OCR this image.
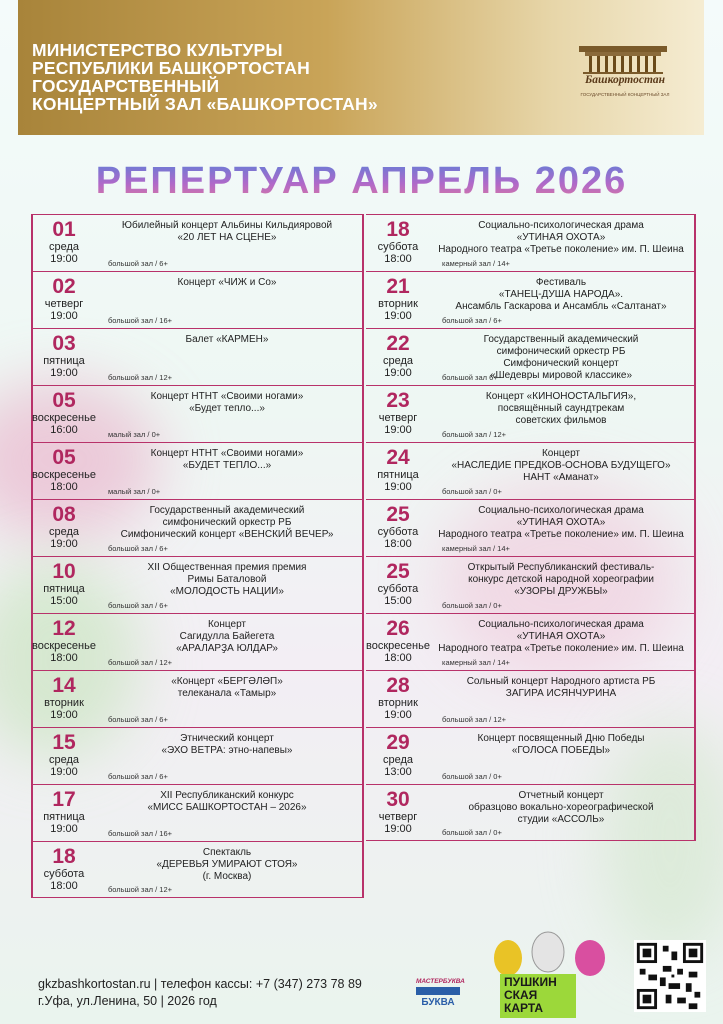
МИНИСТЕРСТВО КУЛЬТУРЫ
РЕСПУБЛИКИ БАШКОРТОСТАН
ГОСУДАРСТВЕННЫЙ
КОНЦЕРТНЫЙ ЗАЛ «БАШКОРТОСТАН»
Башкортостан
ГОСУДАРСТВЕННЫЙ КОНЦЕРТНЫЙ ЗАЛ
РЕПЕРТУАР АПРЕЛЬ 2026
01
среда
19:00
Юбилейный концерт Альбины Кильдияровой
«20 ЛЕТ НА СЦЕНЕ»
большой зал / 6+
02
четверг
19:00
Концерт «ЧИЖ и Со»
большой зал / 16+
03
пятница
19:00
Балет «КАРМЕН»
большой зал / 12+
05
воскресенье
16:00
Концерт НТНТ «Своими ногами»
«Будет тепло...»
малый зал / 0+
05
воскресенье
18:00
Концерт НТНТ «Своими ногами»
«БУДЕТ ТЕПЛО...»
малый зал / 0+
08
среда
19:00
Государственный академический
симфонический оркестр РБ
Симфонический концерт «ВЕНСКИЙ ВЕЧЕР»
большой зал / 6+
10
пятница
15:00
XII Общественная премия премия
Римы Баталовой
«МОЛОДОСТЬ НАЦИИ»
большой зал / 6+
12
воскресенье
18:00
Концерт
Сагидулла Байегета
«АРАЛАРҘА ЮЛДАР»
большой зал / 12+
14
вторник
19:00
«Концерт «БЕРГӘЛӘП»
телеканала «Тамыр»
большой зал / 6+
15
среда
19:00
Этнический концерт
«ЭХО ВЕТРА: этно-напевы»
большой зал / 6+
17
пятница
19:00
XII Республиканский конкурс
«МИСС БАШКОРТОСТАН – 2026»
большой зал / 16+
18
суббота
18:00
Спектакль
«ДЕРЕВЬЯ УМИРАЮТ СТОЯ»
(г. Москва)
большой зал / 12+
18
суббота
18:00
Социально-психологическая драма
«УТИНАЯ ОХОТА»
Народного театра «Третье поколение» им. П. Шеина
камерный зал / 14+
21
вторник
19:00
Фестиваль
«ТАНЕЦ-ДУША НАРОДА».
Ансамбль Гаскарова и Ансамбль «Салтанат»
большой зал / 6+
22
среда
19:00
Государственный академический
симфонический оркестр РБ
Симфонический концерт
«Шедевры мировой классике»
большой зал 6+
23
четверг
19:00
Концерт «КИНОНОСТАЛЬГИЯ»,
посвящённый саундтрекам
советских фильмов
большой зал / 12+
24
пятница
19:00
Концерт
«НАСЛЕДИЕ ПРЕДКОВ-ОСНОВА БУДУЩЕГО»
НАНТ «Аманат»
большой зал / 0+
25
суббота
18:00
Социально-психологическая драма
«УТИНАЯ ОХОТА»
Народного театра «Третье поколение» им. П. Шеина
камерный зал / 14+
25
суббота
15:00
Открытый Республиканский фестиваль-
конкурс детской народной хореографии
«УЗОРЫ ДРУЖБЫ»
большой зал / 0+
26
воскресенье
18:00
Социально-психологическая драма
«УТИНАЯ ОХОТА»
Народного театра «Третье поколение» им. П. Шеина
камерный зал / 14+
28
вторник
19:00
Сольный концерт Народного артиста РБ
ЗАГИРА ИСЯНЧУРИНА
большой зал / 12+
29
среда
13:00
Концерт посвященный Дню Победы
«ГОЛОСА ПОБЕДЫ»
большой зал / 0+
30
четверг
19:00
Отчетный концерт
образцово вокально-хореографической
студии «АССОЛЬ»
большой зал / 0+
gkzbashkortostan.ru | телефон кассы: +7 (347) 273 78 89
г.Уфа, ул.Ленина, 50 | 2026 год
МАСТЕРБУКВА
БУКВА
ПУШКИН
СКАЯ
КАРТА
